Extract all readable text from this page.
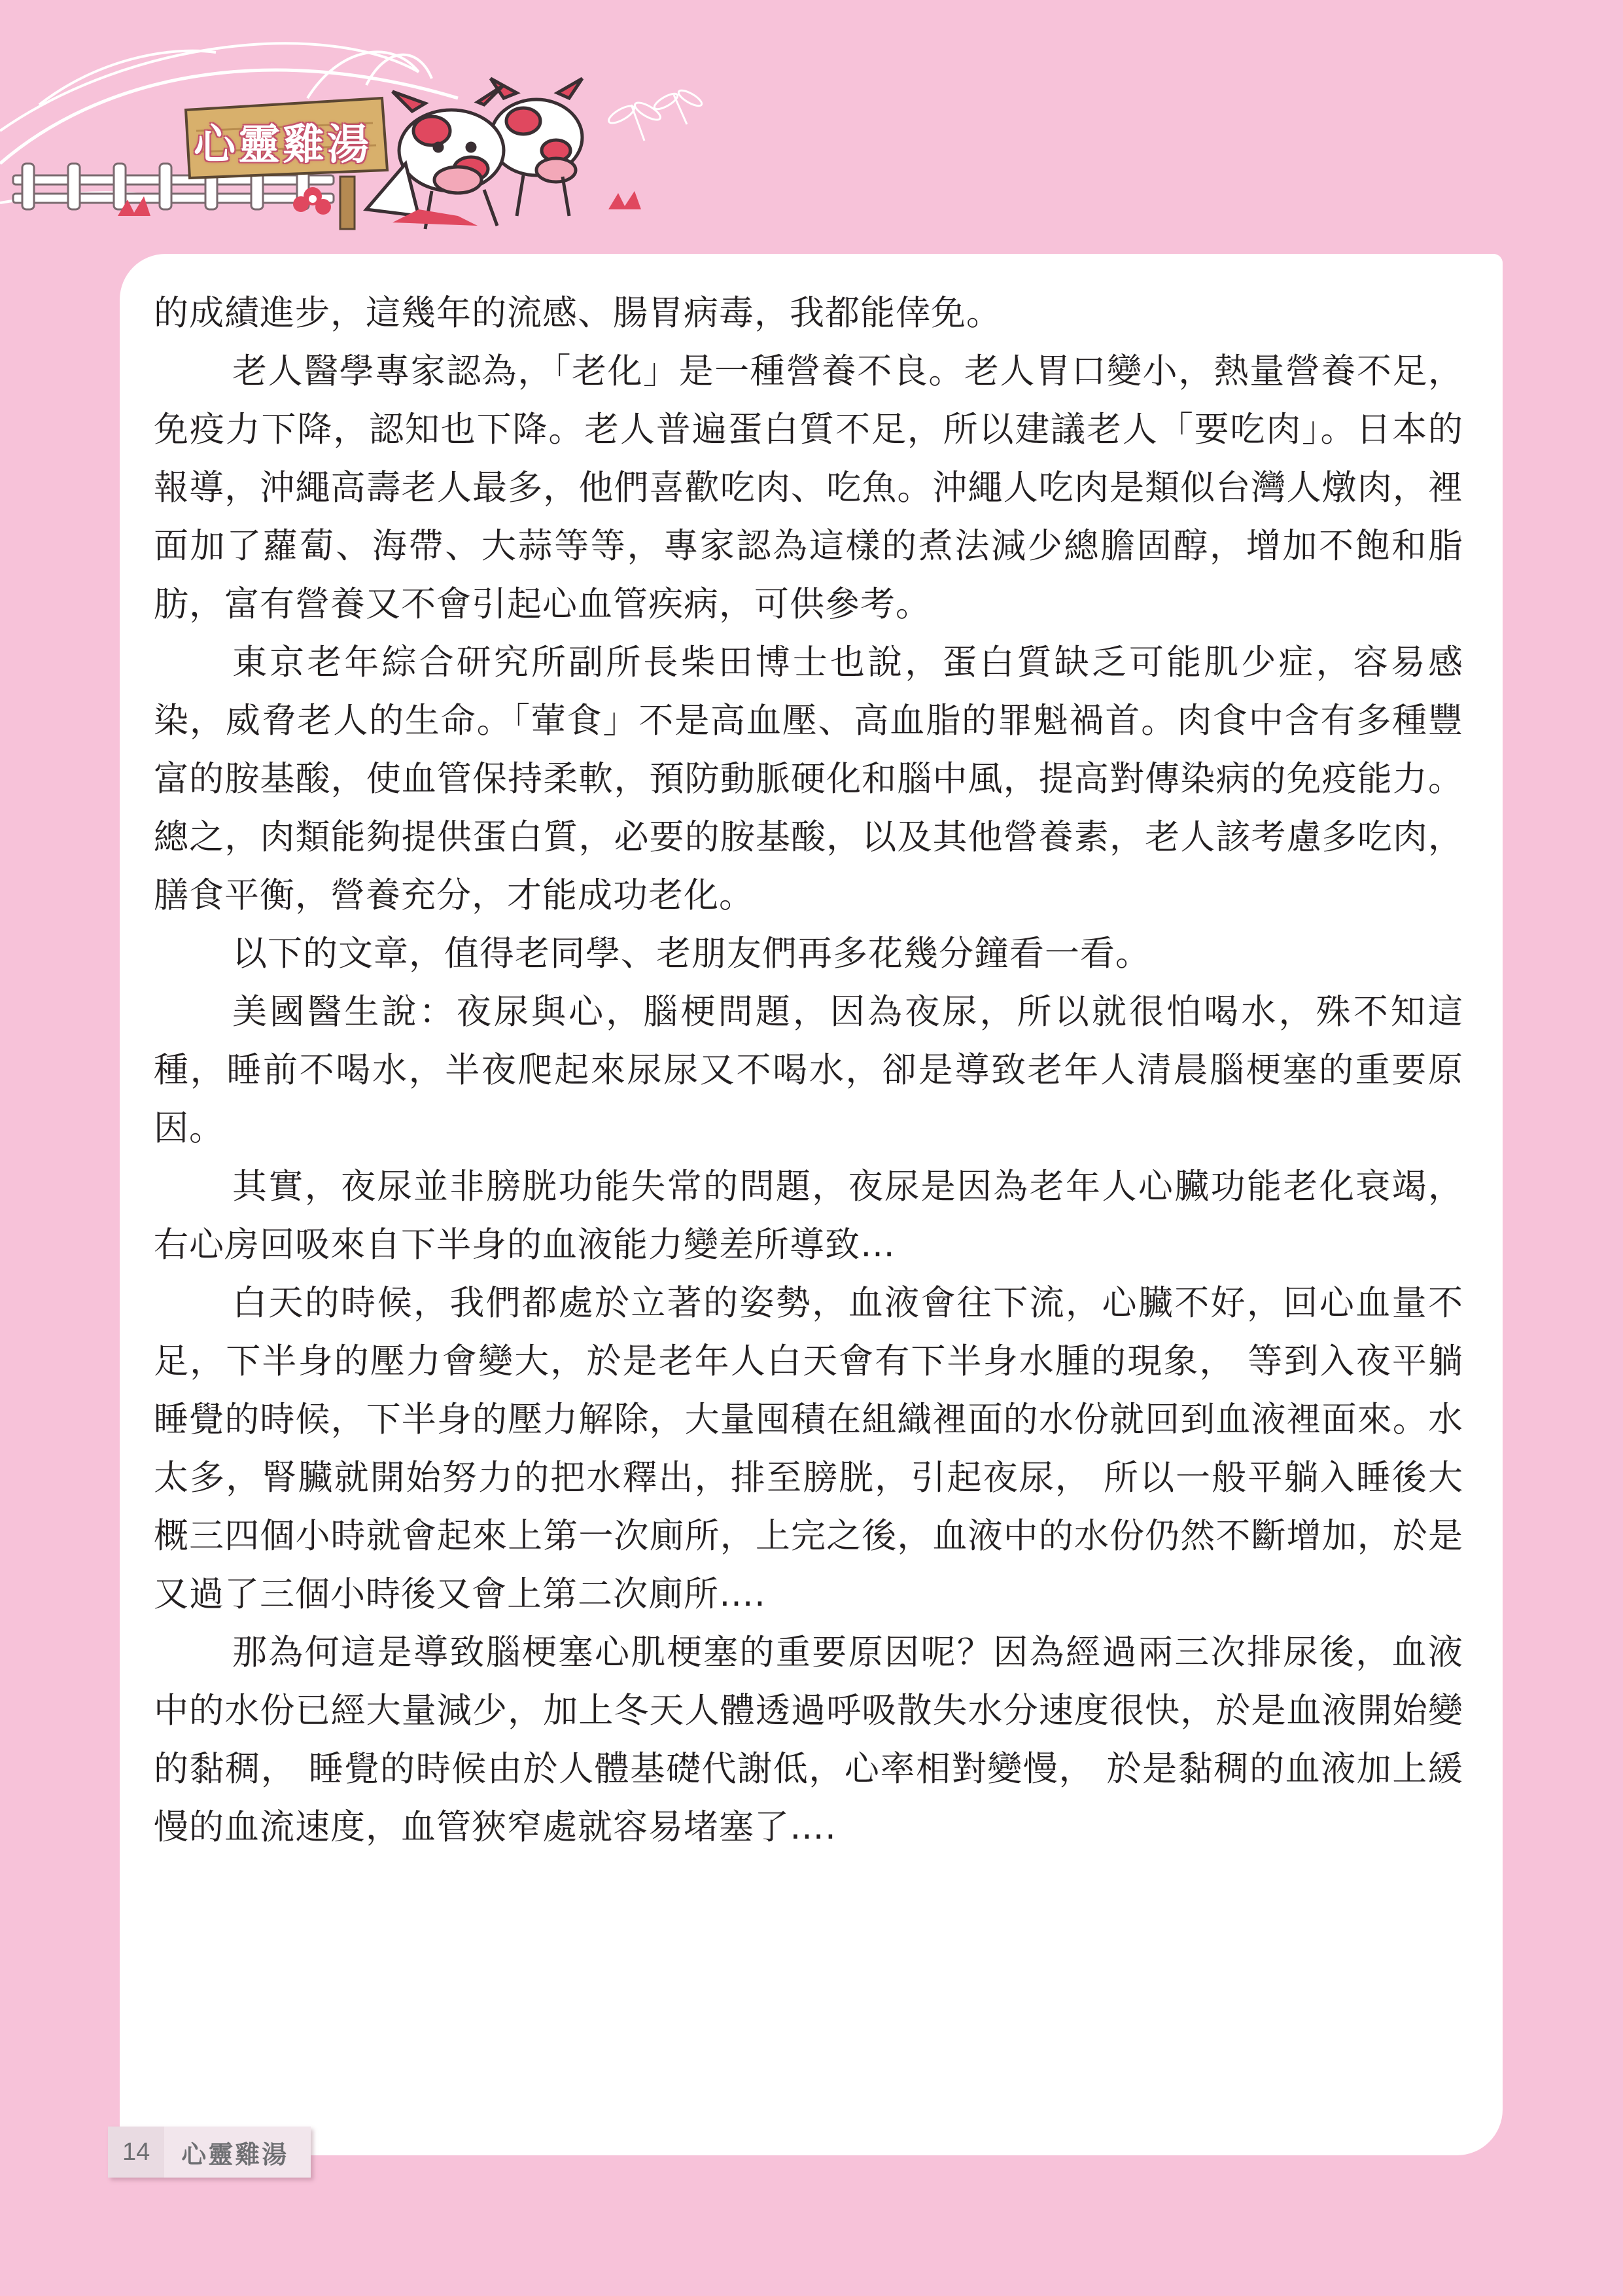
心靈雞湯

的成績進步，這幾年的流感、腸胃病毒，我都能倖免。

老人醫學專家認為，「老化」是一種營養不良。老人胃口變小，熱量營養不足，免疫力下降，認知也下降。老人普遍蛋白質不足，所以建議老人「要吃肉」。日本的報導，沖繩高壽老人最多，他們喜歡吃肉、吃魚。沖繩人吃肉是類似台灣人燉肉，裡面加了蘿蔔、海帶、大蒜等等，專家認為這樣的煮法減少總膽固醇，增加不飽和脂肪，富有營養又不會引起心血管疾病，可供參考。

東京老年綜合研究所副所長柴田博士也說，蛋白質缺乏可能肌少症，容易感染，威脅老人的生命。「葷食」不是高血壓、高血脂的罪魁禍首。肉食中含有多種豐富的胺基酸，使血管保持柔軟，預防動脈硬化和腦中風，提高對傳染病的免疫能力。總之，肉類能夠提供蛋白質，必要的胺基酸，以及其他營養素，老人該考慮多吃肉，膳食平衡，營養充分，才能成功老化。

以下的文章，值得老同學、老朋友們再多花幾分鐘看一看。

美國醫生說：夜尿與心，腦梗問題，因為夜尿，所以就很怕喝水，殊不知這種，睡前不喝水，半夜爬起來尿尿又不喝水，卻是導致老年人清晨腦梗塞的重要原因。

其實，夜尿並非膀胱功能失常的問題，夜尿是因為老年人心臟功能老化衰竭，右心房回吸來自下半身的血液能力變差所導致…

白天的時候，我們都處於立著的姿勢，血液會往下流，心臟不好，回心血量不足，下半身的壓力會變大，於是老年人白天會有下半身水腫的現象， 等到入夜平躺睡覺的時候，下半身的壓力解除，大量囤積在組織裡面的水份就回到血液裡面來。水太多，腎臟就開始努力的把水釋出，排至膀胱，引起夜尿， 所以一般平躺入睡後大概三四個小時就會起來上第一次廁所，上完之後，血液中的水份仍然不斷增加，於是又過了三個小時後又會上第二次廁所….

那為何這是導致腦梗塞心肌梗塞的重要原因呢？因為經過兩三次排尿後，血液中的水份已經大量減少，加上冬天人體透過呼吸散失水分速度很快，於是血液開始變的黏稠， 睡覺的時候由於人體基礎代謝低，心率相對變慢， 於是黏稠的血液加上緩慢的血流速度，血管狹窄處就容易堵塞了….

14	心靈雞湯
